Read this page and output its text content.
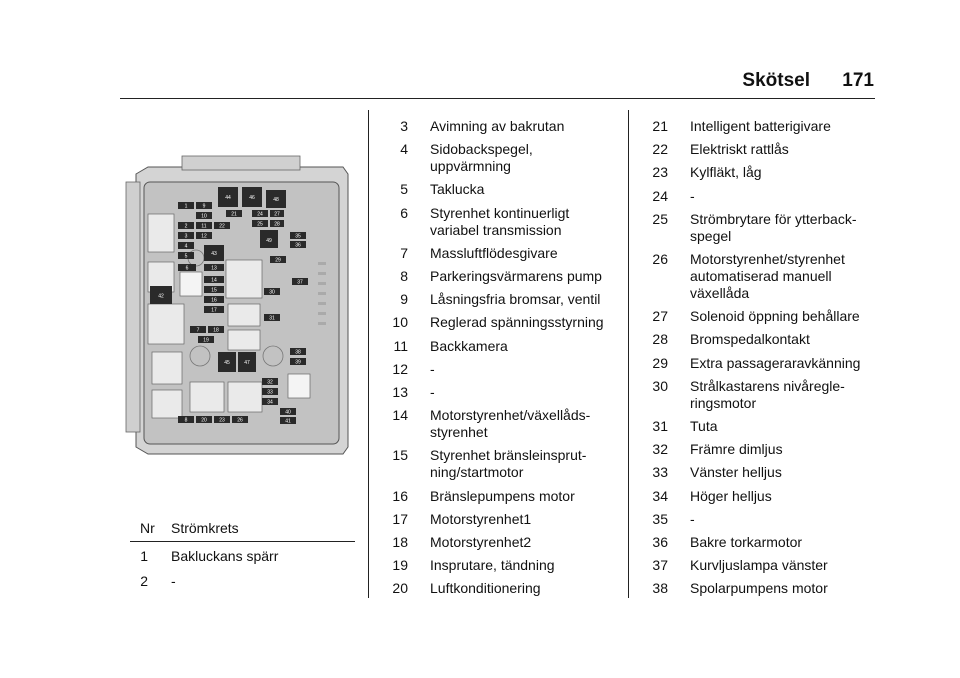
Skötsel	171
1	9
10
2	11	22
3	12
4
43
5
13
6
14
15
16
17
7	18
19
8	20 23 26
21	24 27
25 28
44	46	48
49
35
36
29
37
30
31
38
39
45	47
32
33
34
40
41
42
Nr Strömkrets
1 Bakluckans spärr
2 -
3 Avimning av bakrutan
4 Sidobackspegel,
uppvärmning
5 Taklucka
6 Styrenhet kontinuerligt
variabel transmission
7 Massluftflödesgivare
8 Parkeringsvärmarens pump
9 Låsningsfria bromsar, ventil
10 Reglerad spänningsstyrning
11 Backkamera
12 -
13 -
14 Motorstyrenhet/växellåds-
styrenhet
15 Styrenhet bränsleinsprut-
ning/startmotor
16 Bränslepumpens motor
17 Motorstyrenhet1
18 Motorstyrenhet2
19 Insprutare, tändning
20 Luftkonditionering
21 Intelligent batterigivare
22 Elektriskt rattlås
23 Kylfläkt, låg
24 -
25 Strömbrytare för ytterback-
spegel
26 Motorstyrenhet/styrenhet
automatiserad manuell
växellåda
27 Solenoid öppning behållare
28 Bromspedalkontakt
29 Extra passageraravkänning
30 Strålkastarens nivåregle-
ringsmotor
31 Tuta
32 Främre dimljus
33 Vänster helljus
34 Höger helljus
35 -
36 Bakre torkarmotor
37 Kurvljuslampa vänster
38 Spolarpumpens motor
